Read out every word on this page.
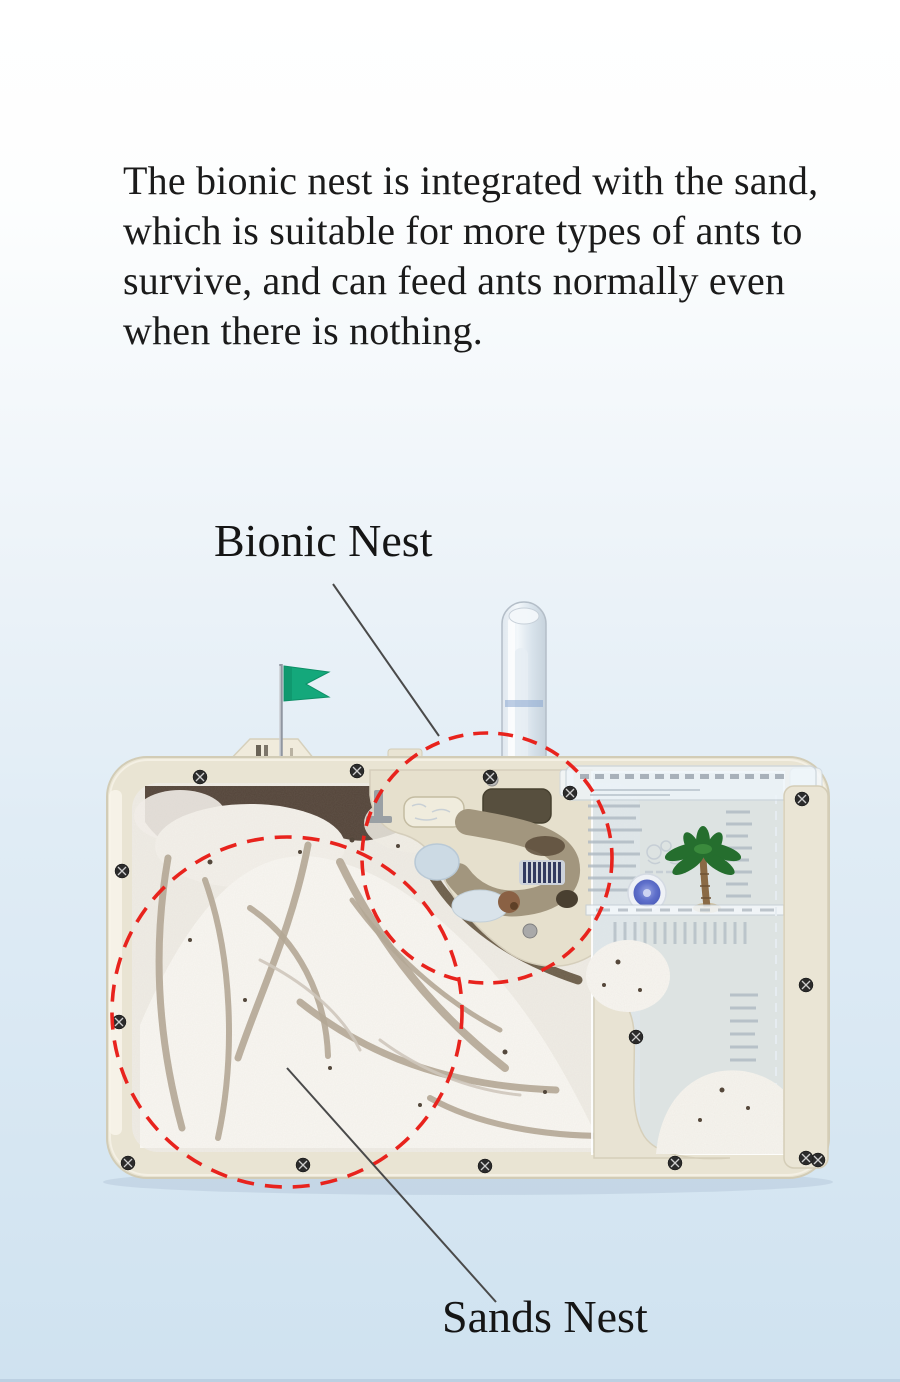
The bionic nest is integrated with the sand,
which is suitable for more types of ants to
survive, and can feed ants normally even
when there is nothing.
Bionic Nest
Sands Nest
